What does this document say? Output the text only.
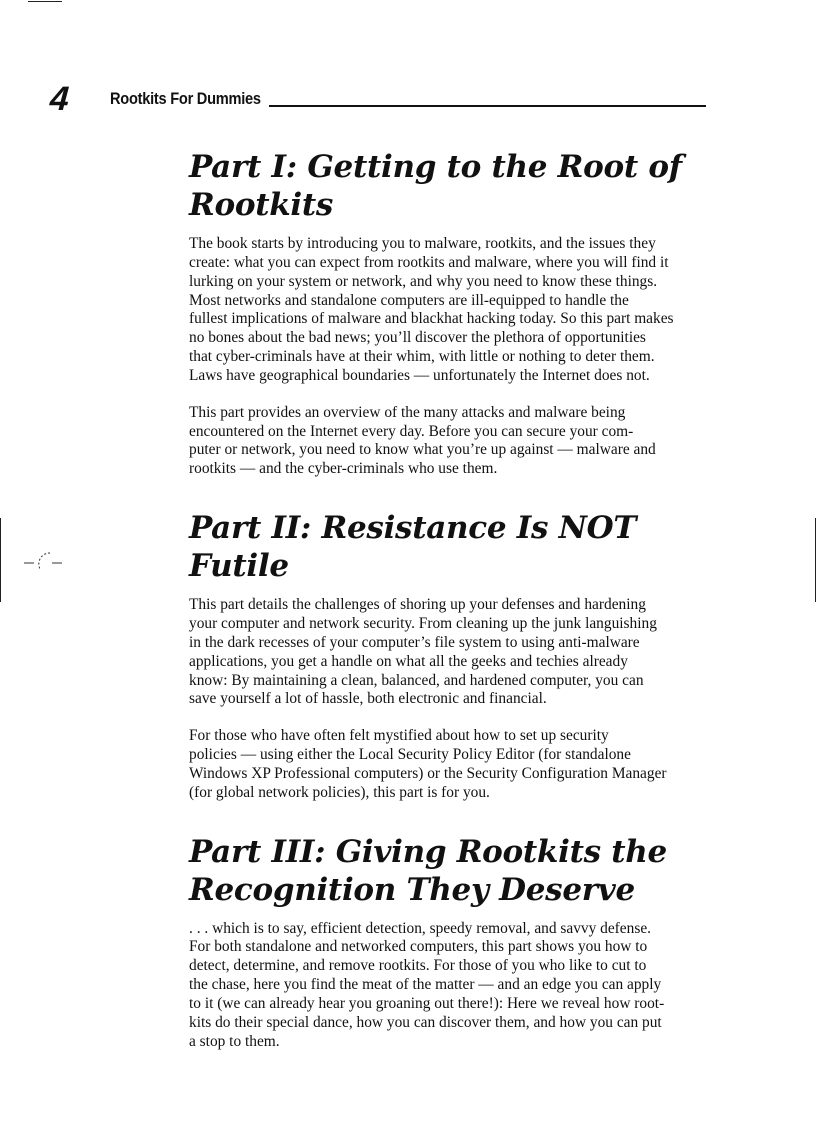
4 Rootkits For Dummies
Part I: Getting to the Root of Rootkits

The book starts by introducing you to malware, rootkits, and the issues they
create: what you can expect from rootkits and malware, where you will find it
lurking on your system or network, and why you need to know these things.
Most networks and standalone computers are ill-equipped to handle the
fullest implications of malware and blackhat hacking today. So this part makes
no bones about the bad news; you’ll discover the plethora of opportunities
that cyber-criminals have at their whim, with little or nothing to deter them.
Laws have geographical boundaries — unfortunately the Internet does not.

This part provides an overview of the many attacks and malware being
encountered on the Internet every day. Before you can secure your com-
puter or network, you need to know what you’re up against — malware and
rootkits — and the cyber-criminals who use them.

Part II: Resistance Is NOT Futile

This part details the challenges of shoring up your defenses and hardening
your computer and network security. From cleaning up the junk languishing
in the dark recesses of your computer’s file system to using anti-malware
applications, you get a handle on what all the geeks and techies already
know: By maintaining a clean, balanced, and hardened computer, you can
save yourself a lot of hassle, both electronic and financial.

For those who have often felt mystified about how to set up security
policies — using either the Local Security Policy Editor (for standalone
Windows XP Professional computers) or the Security Configuration Manager
(for global network policies), this part is for you.

Part III: Giving Rootkits the
Recognition They Deserve

. . . which is to say, efficient detection, speedy removal, and savvy defense.
For both standalone and networked computers, this part shows you how to
detect, determine, and remove rootkits. For those of you who like to cut to
the chase, here you find the meat of the matter — and an edge you can apply
to it (we can already hear you groaning out there!): Here we reveal how root-
kits do their special dance, how you can discover them, and how you can put
a stop to them.
